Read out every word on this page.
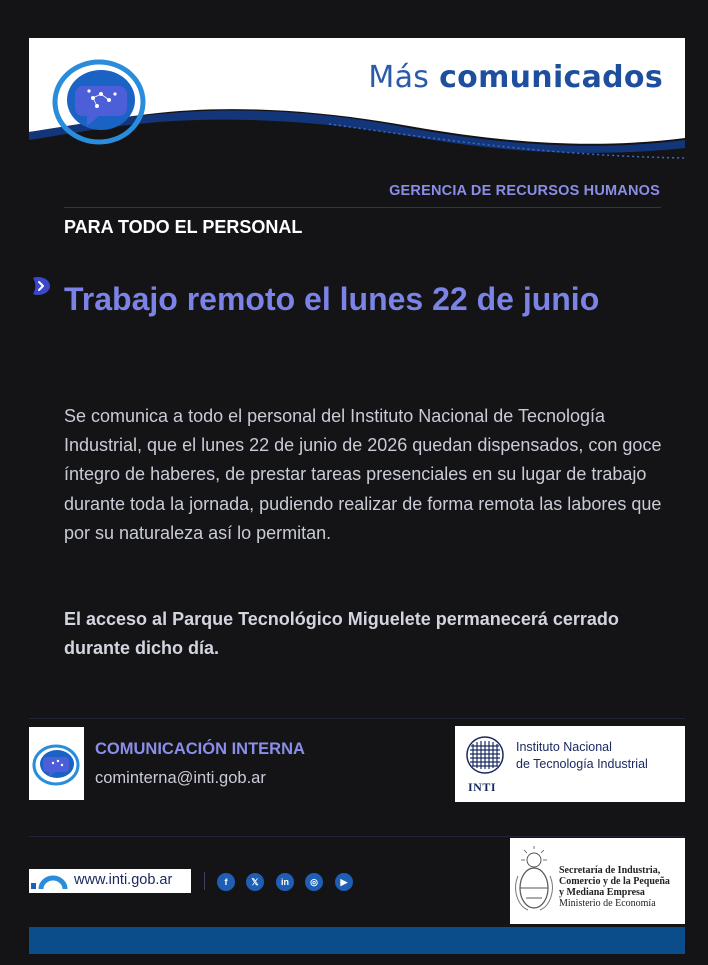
Más comunicados
GERENCIA DE RECURSOS HUMANOS
PARA TODO EL PERSONAL
Trabajo remoto el lunes 22 de junio
Se comunica a todo el personal del Instituto Nacional de Tecnología Industrial, que el lunes 22 de junio de 2026 quedan dispensados, con goce íntegro de haberes, de prestar tareas presenciales en su lugar de trabajo durante toda la jornada, pudiendo realizar de forma remota las labores que por su naturaleza así lo permitan.
El acceso al Parque Tecnológico Miguelete permanecerá cerrado durante dicho día.
COMUNICACIÓN INTERNA
cominterna@inti.gob.ar
Instituto Nacional
de Tecnología Industrial
INTI
www.inti.gob.ar	f	𝕏	in	◎	▶
Secretaría de Industria,
Comercio y de la Pequeña
y Mediana Empresa
Ministerio de Economía
